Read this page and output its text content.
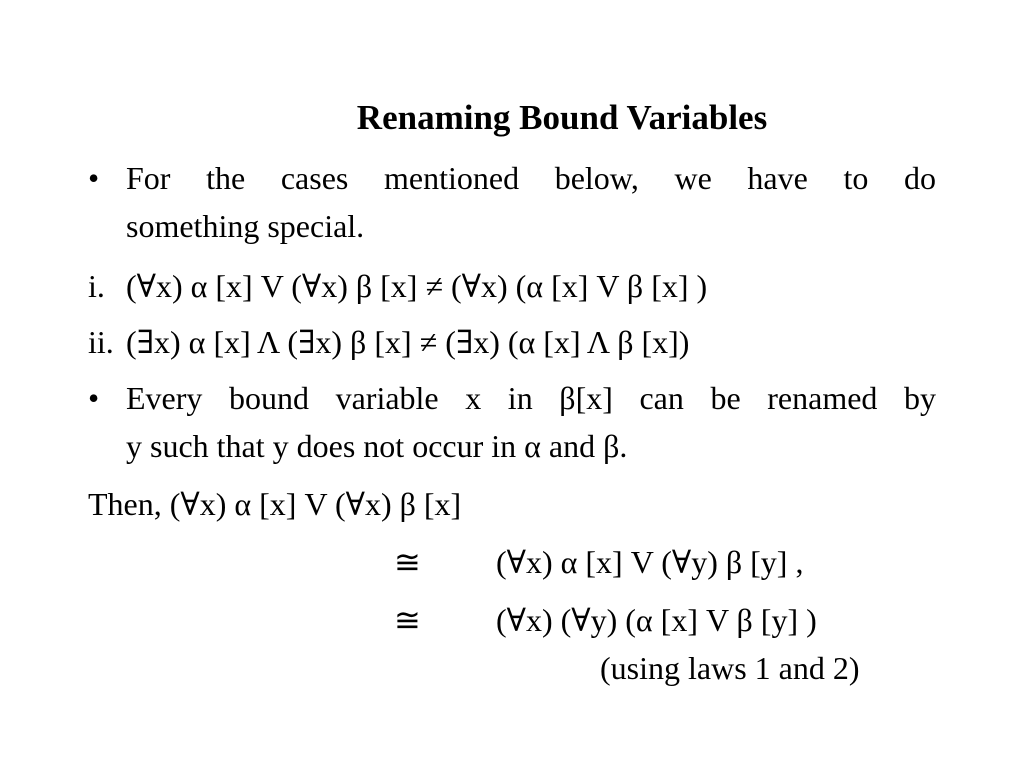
Renaming Bound Variables
• For the cases mentioned below, we have to do
something special.
i. (∀x) α [x] V (∀x) β [x] ≠ (∀x) (α [x] V β [x] )
ii. (∃x) α [x] Λ (∃x) β [x] ≠ (∃x) (α [x] Λ β [x])
• Every bound variable x in β[x] can be renamed by
y such that y does not occur in α and β.
Then, (∀x) α [x] V (∀x) β [x]
≅ (∀x) α [x] V (∀y) β [y] ,
≅ (∀x) (∀y) (α [x] V β [y] )
(using laws 1 and 2)
